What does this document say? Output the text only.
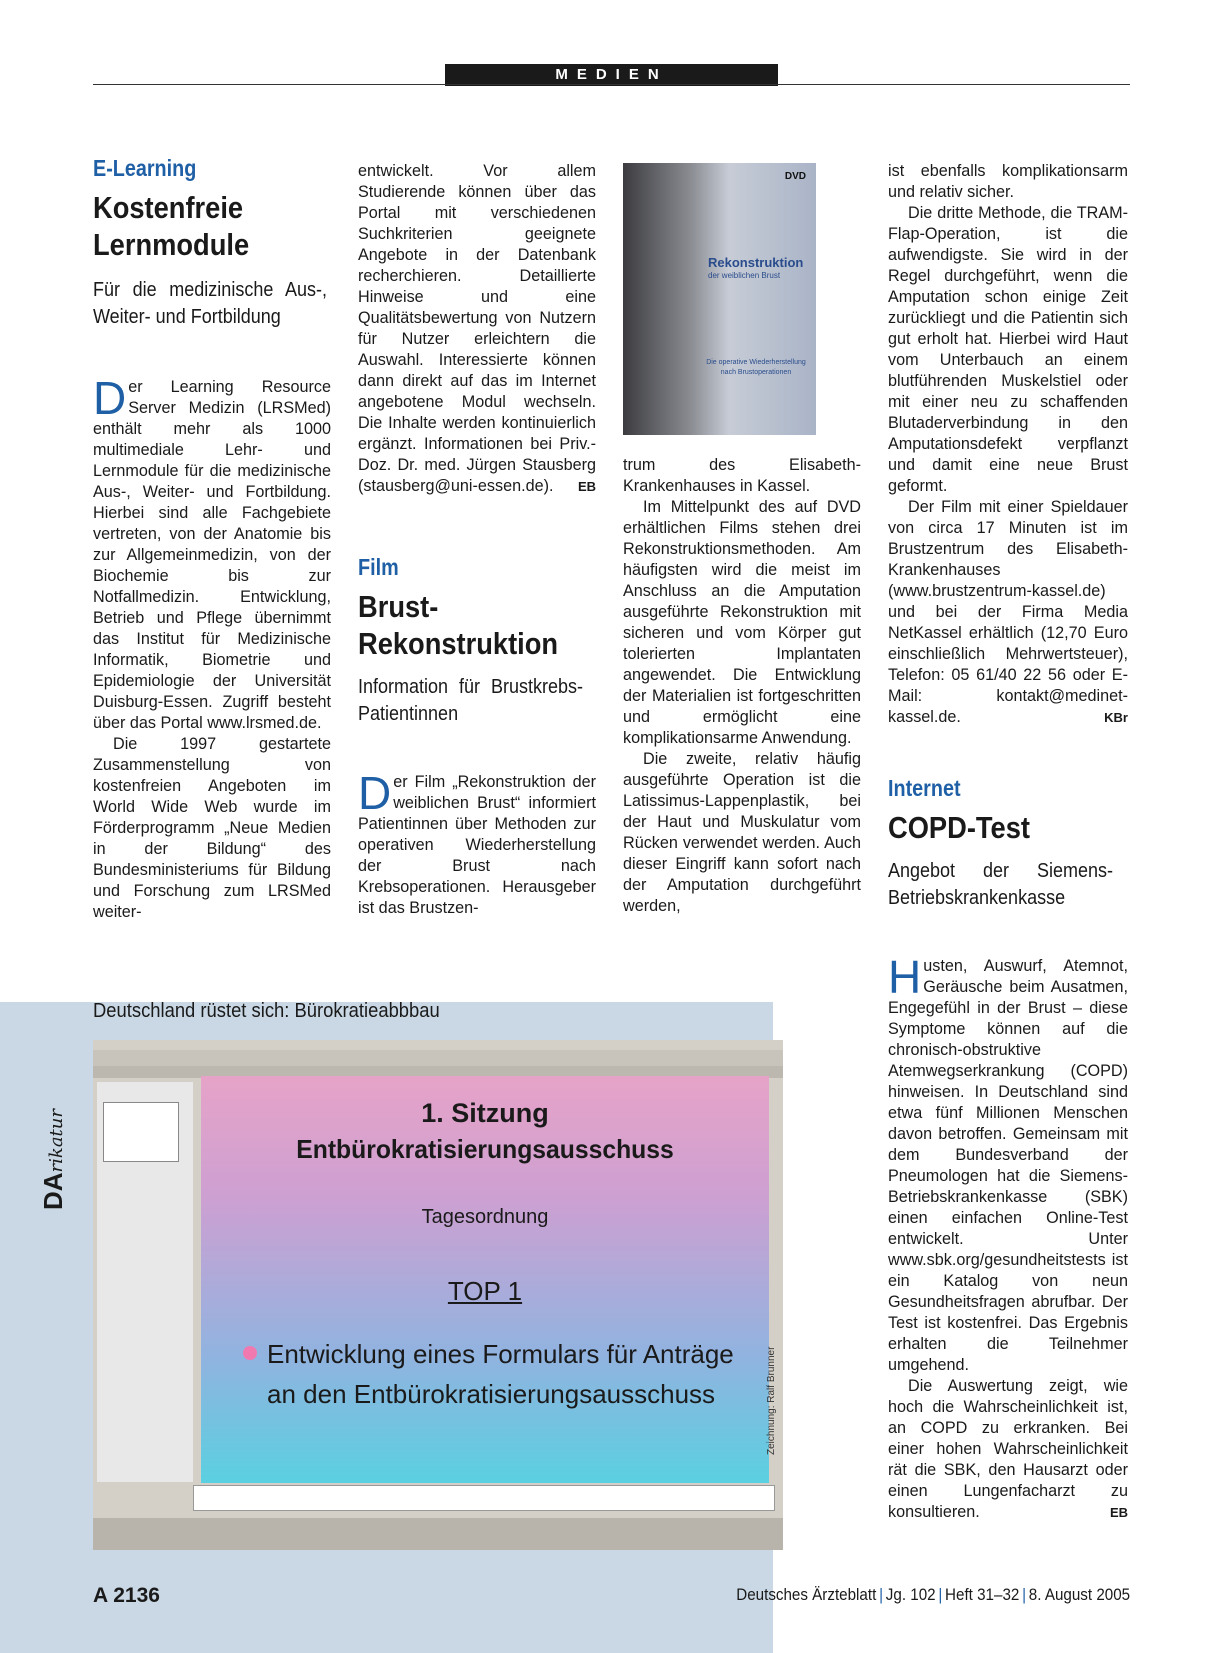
MEDIEN
E-Learning
Kostenfreie Lernmodule
Für die medizinische Aus-, Weiter- und Fortbildung

Der Learning Resource Server Medizin (LRSMed) enthält mehr als 1000 multimediale Lehr- und Lernmodule für die medizinische Aus-, Weiter- und Fortbildung. Hierbei sind alle Fachgebiete vertreten, von der Anatomie bis zur Allgemeinmedizin, von der Biochemie bis zur Notfallmedizin. Entwicklung, Betrieb und Pflege übernimmt das Institut für Medizinische Informatik, Biometrie und Epidemiologie der Universität Duisburg-Essen. Zugriff besteht über das Portal www.lrsmed.de.

Die 1997 gestartete Zusammenstellung von kostenfreien Angeboten im World Wide Web wurde im Förderprogramm „Neue Medien in der Bildung“ des Bundesministeriums für Bildung und Forschung zum LRSMed weiter-

entwickelt. Vor allem Studierende können über das Portal mit verschiedenen Suchkriterien geeignete Angebote in der Datenbank recherchieren. Detaillierte Hinweise und eine Qualitätsbewertung von Nutzern für Nutzer erleichtern die Auswahl. Interessierte können dann direkt auf das im Internet angebotene Modul wechseln. Die Inhalte werden kontinuierlich ergänzt. Informationen bei Priv.-Doz. Dr. med. Jürgen Stausberg (stausberg@uni-essen.de). EB

Film
Brust-Rekonstruktion
Information für Brustkrebs-Patientinnen

Der Film „Rekonstruktion der weiblichen Brust“ informiert Patientinnen über Methoden zur operativen Wiederherstellung der Brust nach Krebsoperationen. Herausgeber ist das Brustzen-

DVD
Rekonstruktion
der weiblichen Brust
Die operative Wiederherstellung nach Brustoperationen

trum des Elisabeth-Krankenhauses in Kassel.

Im Mittelpunkt des auf DVD erhältlichen Films stehen drei Rekonstruktionsmethoden. Am häufigsten wird die meist im Anschluss an die Amputation ausgeführte Rekonstruktion mit sicheren und vom Körper gut tolerierten Implantaten angewendet. Die Entwicklung der Materialien ist fortgeschritten und ermöglicht eine komplikationsarme Anwendung.

Die zweite, relativ häufig ausgeführte Operation ist die Latissimus-Lappenplastik, bei der Haut und Muskulatur vom Rücken verwendet werden. Auch dieser Eingriff kann sofort nach der Amputation durchgeführt werden,

ist ebenfalls komplikationsarm und relativ sicher.

Die dritte Methode, die TRAM-Flap-Operation, ist die aufwendigste. Sie wird in der Regel durchgeführt, wenn die Amputation schon einige Zeit zurückliegt und die Patientin sich gut erholt hat. Hierbei wird Haut vom Unterbauch an einem blutführenden Muskelstiel oder mit einer neu zu schaffenden Blutaderverbindung in den Amputationsdefekt verpflanzt und damit eine neue Brust geformt.

Der Film mit einer Spieldauer von circa 17 Minuten ist im Brustzentrum des Elisabeth-Krankenhauses (www.brustzentrum-kassel.de) und bei der Firma Media NetKassel erhältlich (12,70 Euro einschließlich Mehrwertsteuer), Telefon: 05 61/40 22 56 oder E-Mail: kontakt@medinet-kassel.de.	KBr

Internet
COPD-Test
Angebot der Siemens-Betriebskrankenkasse

Husten, Auswurf, Atemnot, Geräusche beim Ausatmen, Engegefühl in der Brust – diese Symptome können auf die chronisch-obstruktive Atemwegserkrankung (COPD) hinweisen. In Deutschland sind etwa fünf Millionen Menschen davon betroffen. Gemeinsam mit dem Bundesverband der Pneumologen hat die Siemens-Betriebskrankenkasse (SBK) einen einfachen Online-Test entwickelt. Unter www.sbk.org/gesundheitstests ist ein Katalog von neun Gesundheitsfragen abrufbar. Der Test ist kostenfrei. Das Ergebnis erhalten die Teilnehmer umgehend.

Die Auswertung zeigt, wie hoch die Wahrscheinlichkeit ist, an COPD zu erkranken. Bei einer hohen Wahrscheinlichkeit rät die SBK, den Hausarzt oder einen Lungenfacharzt zu konsultieren.	EB

Deutschland rüstet sich: Bürokratieabbbau
DArikatur	1. Sitzung
Entbürokratisierungsausschuss
Tagesordnung
TOP 1
Entwicklung eines Formulars für Anträge an den Entbürokratisierungsausschuss	Zeichnung: Ralf Brunner
A 2136	Deutsches Ärzteblatt | Jg. 102 | Heft 31–32 | 8. August 2005
